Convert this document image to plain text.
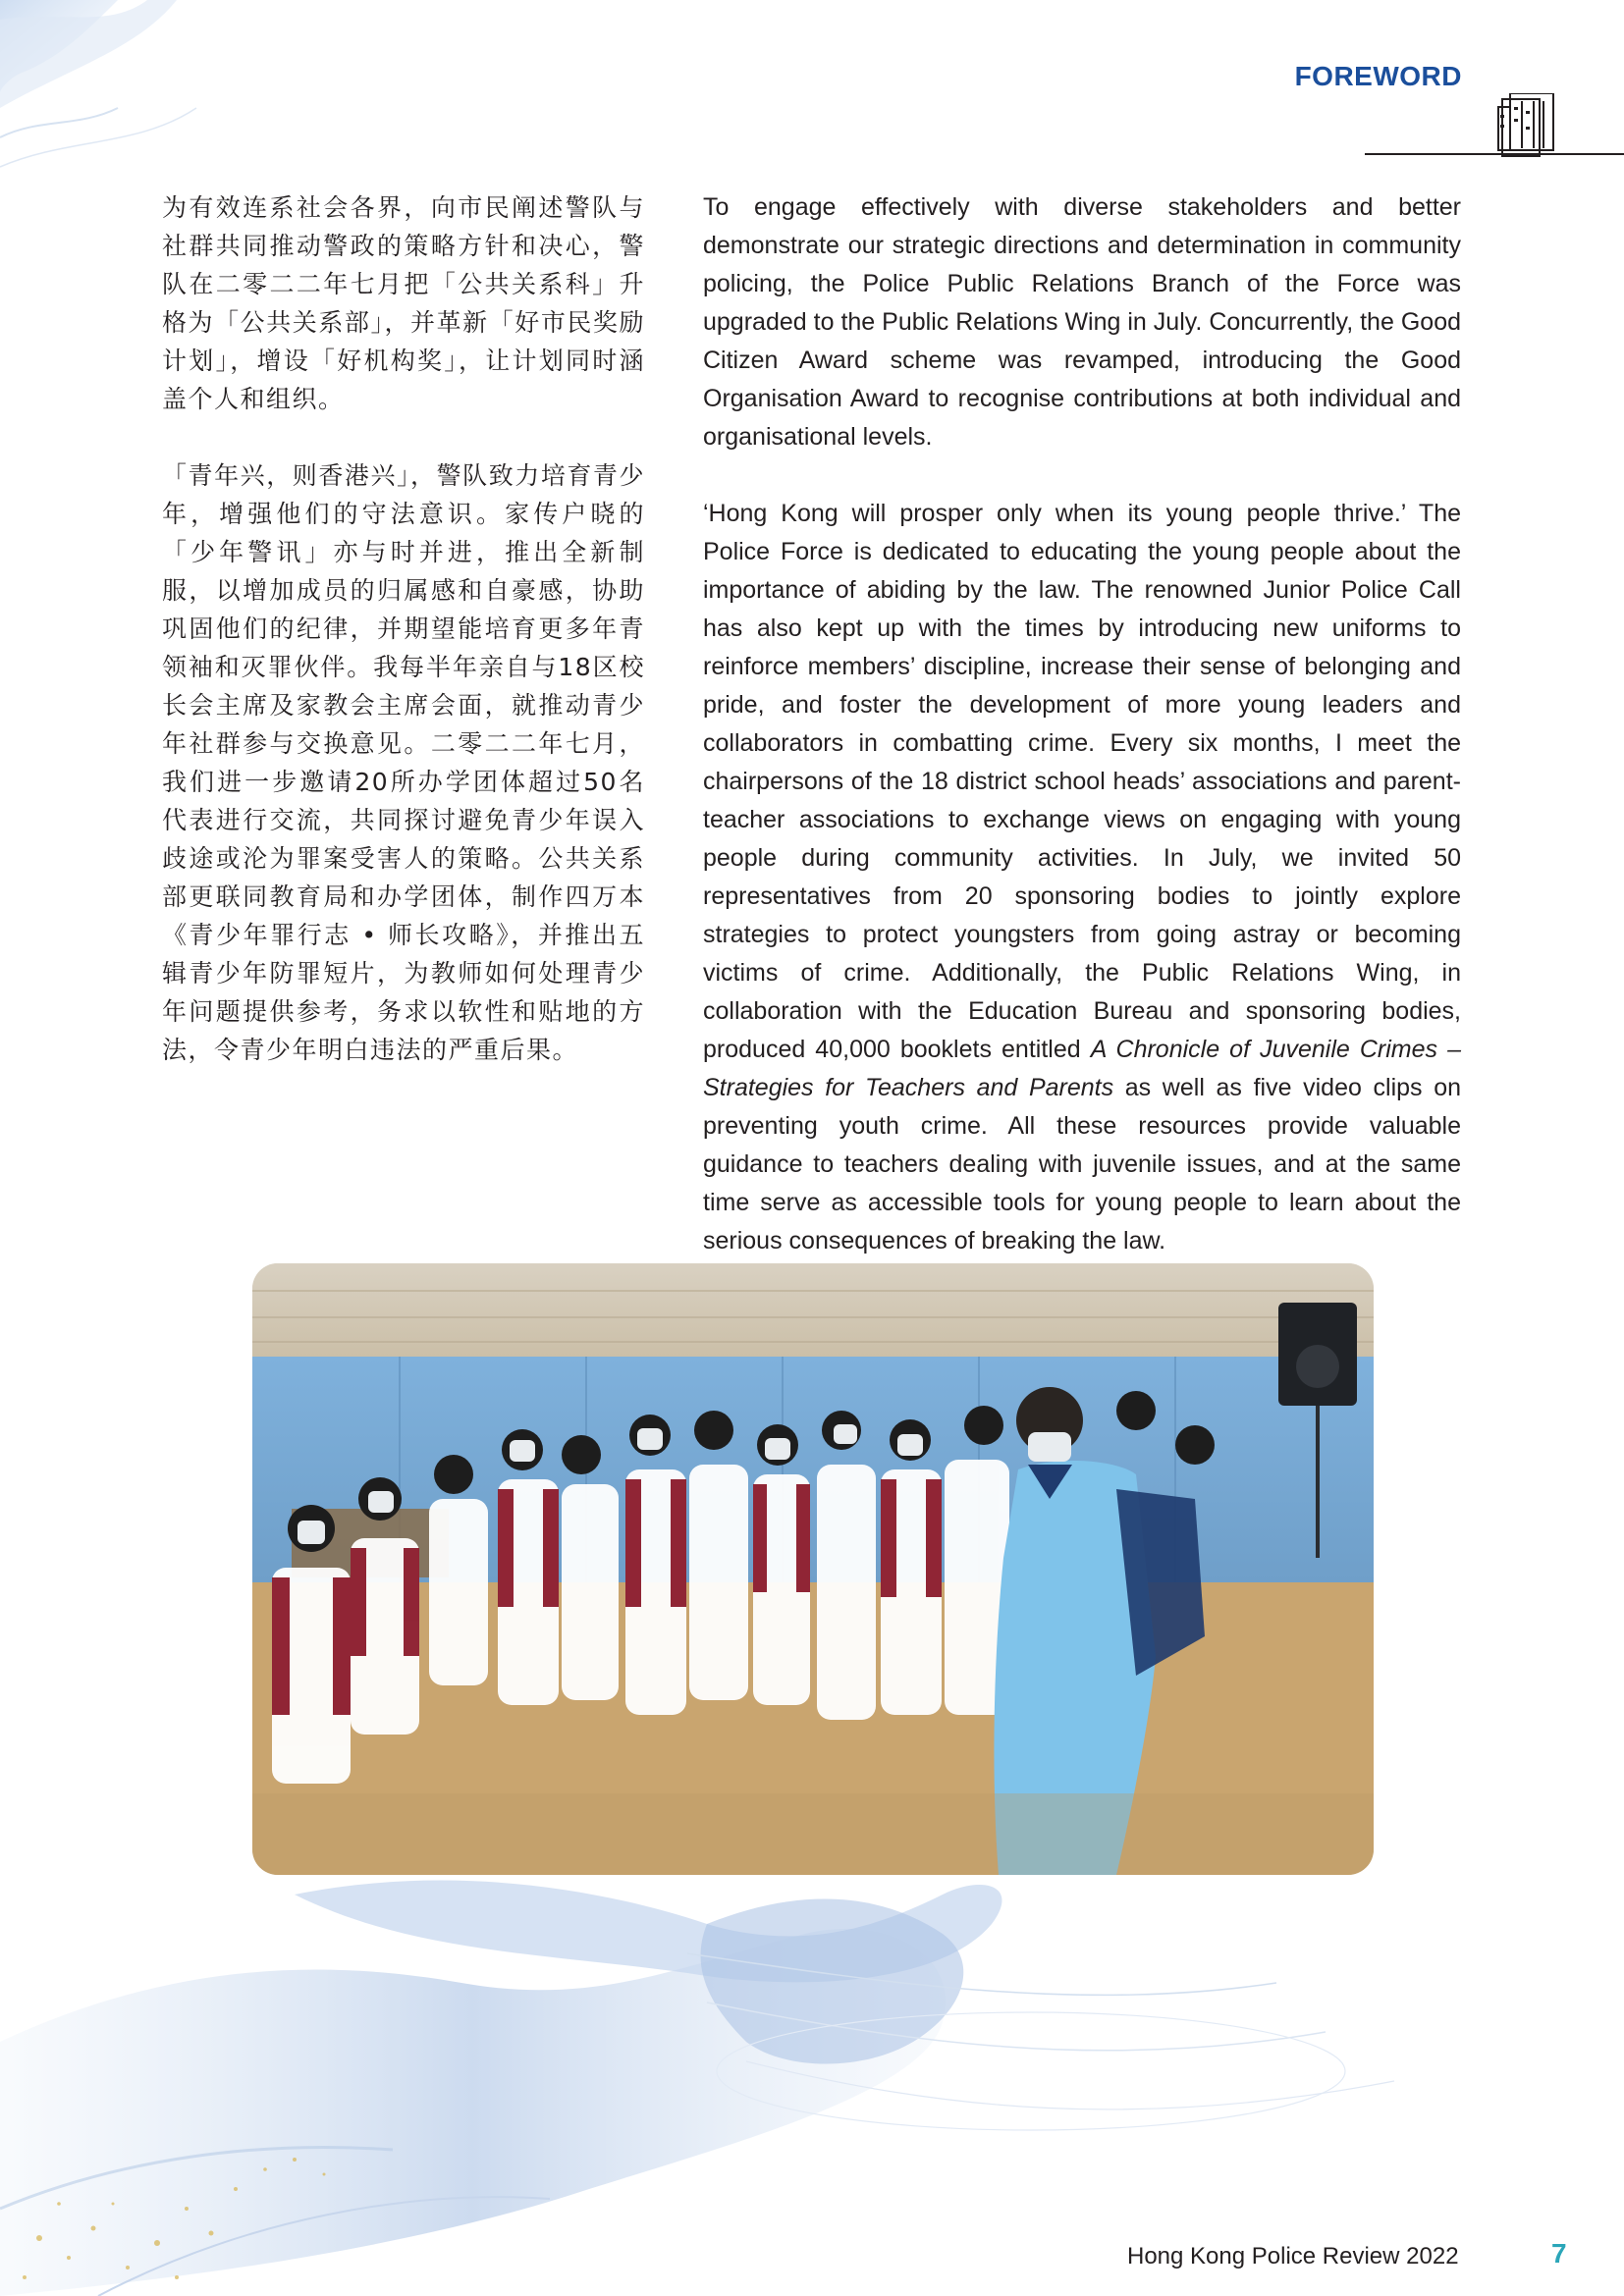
FOREWORD

为有效连系社会各界，向市民阐述警队与社群共同推动警政的策略方针和决心，警队在二零二二年七月把「公共关系科」升格为「公共关系部」，并革新「好市民奖励计划」，增设「好机构奖」，让计划同时涵盖个人和组织。

「青年兴，则香港兴」，警队致力培育青少年，增强他们的守法意识。家传户晓的「少年警讯」亦与时并进，推出全新制服，以增加成员的归属感和自豪感，协助巩固他们的纪律，并期望能培育更多年青领袖和灭罪伙伴。我每半年亲自与18区校长会主席及家教会主席会面，就推动青少年社群参与交换意见。二零二二年七月，我们进一步邀请20所办学团体超过50名代表进行交流，共同探讨避免青少年误入歧途或沦为罪案受害人的策略。公共关系部更联同教育局和办学团体，制作四万本《青少年罪行志 • 师长攻略》，并推出五辑青少年防罪短片，为教师如何处理青少年问题提供参考，务求以软性和贴地的方法，令青少年明白违法的严重后果。

To engage effectively with diverse stakeholders and better demonstrate our strategic directions and determination in community policing, the Police Public Relations Branch of the Force was upgraded to the Public Relations Wing in July. Concurrently, the Good Citizen Award scheme was revamped, introducing the Good Organisation Award to recognise contributions at both individual and organisational levels.

‘Hong Kong will prosper only when its young people thrive.’ The Police Force is dedicated to educating the young people about the importance of abiding by the law. The renowned Junior Police Call has also kept up with the times by introducing new uniforms to reinforce members’ discipline, increase their sense of belonging and pride, and foster the development of more young leaders and collaborators in combatting crime. Every six months, I meet the chairpersons of the 18 district school heads’ associations and parent-teacher associations to exchange views on engaging with young people during community activities. In July, we invited 50 representatives from 20 sponsoring bodies to jointly explore strategies to protect youngsters from going astray or becoming victims of crime. Additionally, the Public Relations Wing, in collaboration with the Education Bureau and sponsoring bodies, produced 40,000 booklets entitled A Chronicle of Juvenile Crimes – Strategies for Teachers and Parents as well as five video clips on preventing youth crime. All these resources provide valuable guidance to teachers dealing with juvenile issues, and at the same time serve as accessible tools for young people to learn about the serious consequences of breaking the law.

Hong Kong Police Review 2022	7
